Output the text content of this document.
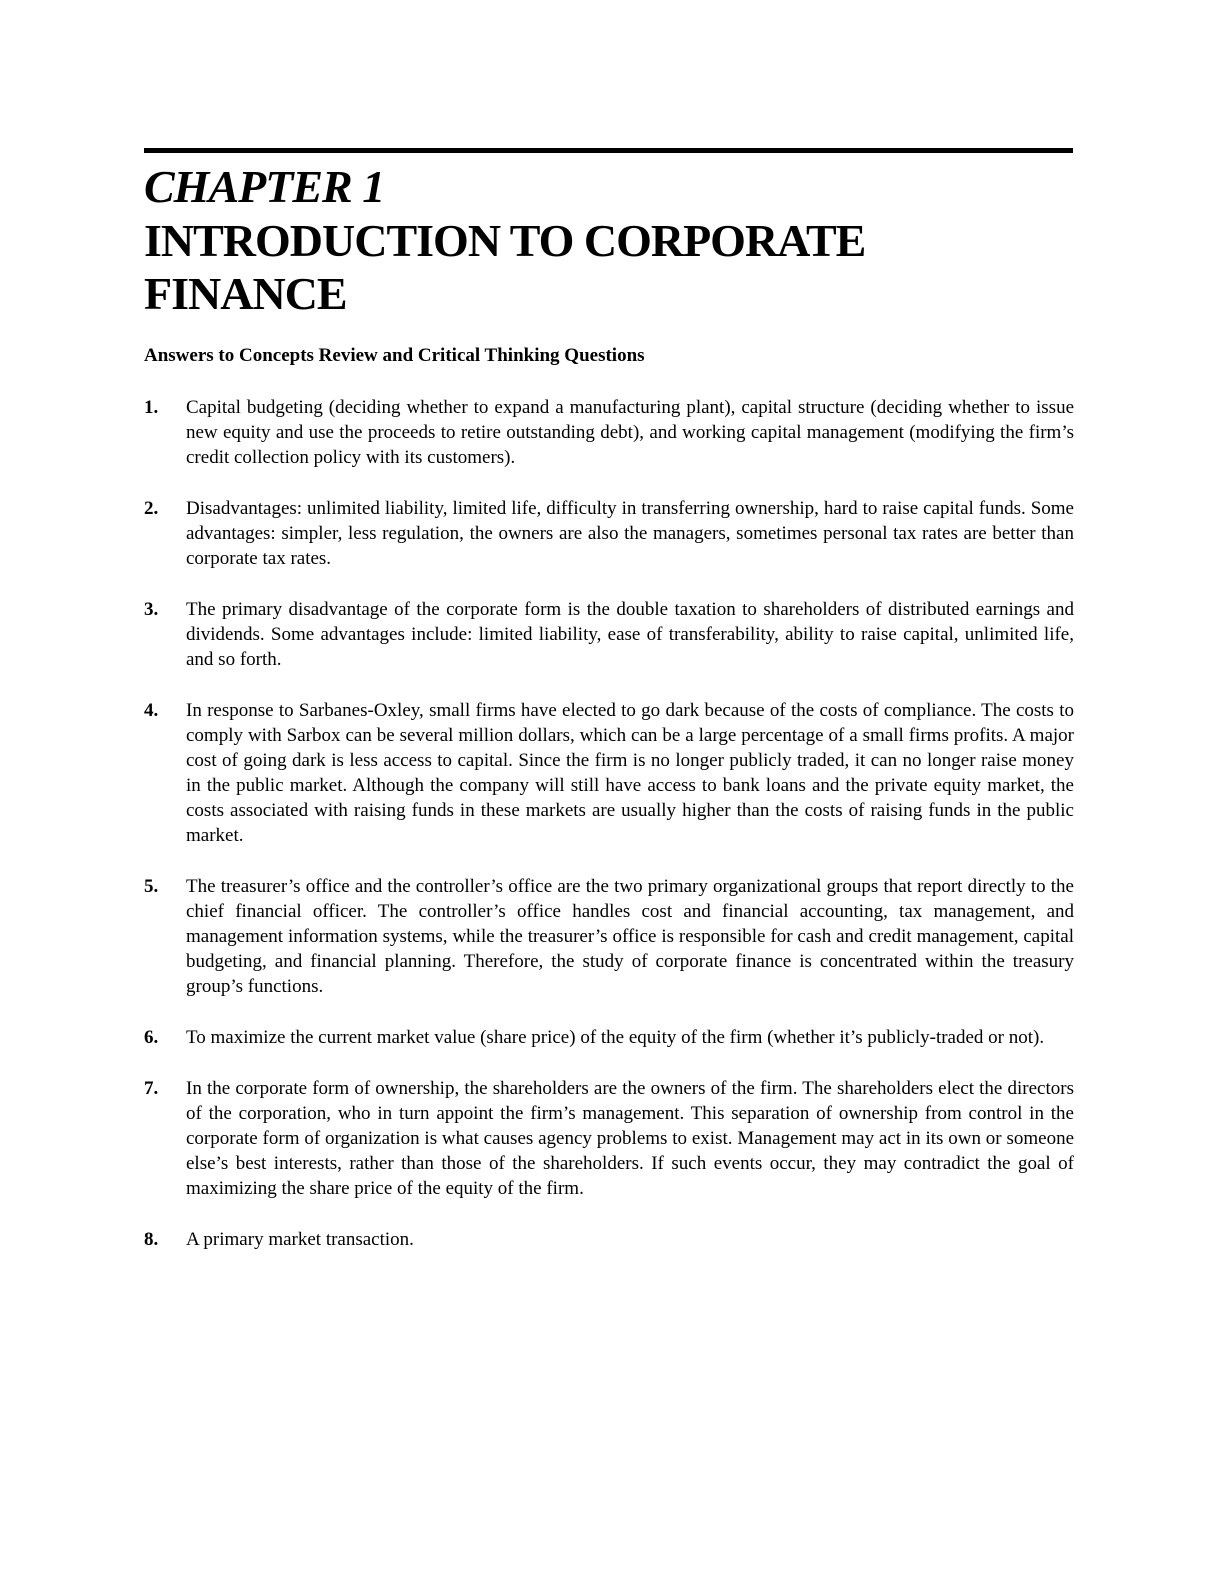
CHAPTER 1
INTRODUCTION TO CORPORATE FINANCE
Answers to Concepts Review and Critical Thinking Questions
1. Capital budgeting (deciding whether to expand a manufacturing plant), capital structure (deciding whether to issue new equity and use the proceeds to retire outstanding debt), and working capital management (modifying the firm’s credit collection policy with its customers).
2. Disadvantages: unlimited liability, limited life, difficulty in transferring ownership, hard to raise capital funds. Some advantages: simpler, less regulation, the owners are also the managers, sometimes personal tax rates are better than corporate tax rates.
3. The primary disadvantage of the corporate form is the double taxation to shareholders of distributed earnings and dividends. Some advantages include: limited liability, ease of transferability, ability to raise capital, unlimited life, and so forth.
4. In response to Sarbanes-Oxley, small firms have elected to go dark because of the costs of compliance. The costs to comply with Sarbox can be several million dollars, which can be a large percentage of a small firms profits. A major cost of going dark is less access to capital. Since the firm is no longer publicly traded, it can no longer raise money in the public market. Although the company will still have access to bank loans and the private equity market, the costs associated with raising funds in these markets are usually higher than the costs of raising funds in the public market.
5. The treasurer’s office and the controller’s office are the two primary organizational groups that report directly to the chief financial officer. The controller’s office handles cost and financial accounting, tax management, and management information systems, while the treasurer’s office is responsible for cash and credit management, capital budgeting, and financial planning. Therefore, the study of corporate finance is concentrated within the treasury group’s functions.
6. To maximize the current market value (share price) of the equity of the firm (whether it’s publicly-traded or not).
7. In the corporate form of ownership, the shareholders are the owners of the firm. The shareholders elect the directors of the corporation, who in turn appoint the firm’s management. This separation of ownership from control in the corporate form of organization is what causes agency problems to exist. Management may act in its own or someone else’s best interests, rather than those of the shareholders. If such events occur, they may contradict the goal of maximizing the share price of the equity of the firm.
8. A primary market transaction.
